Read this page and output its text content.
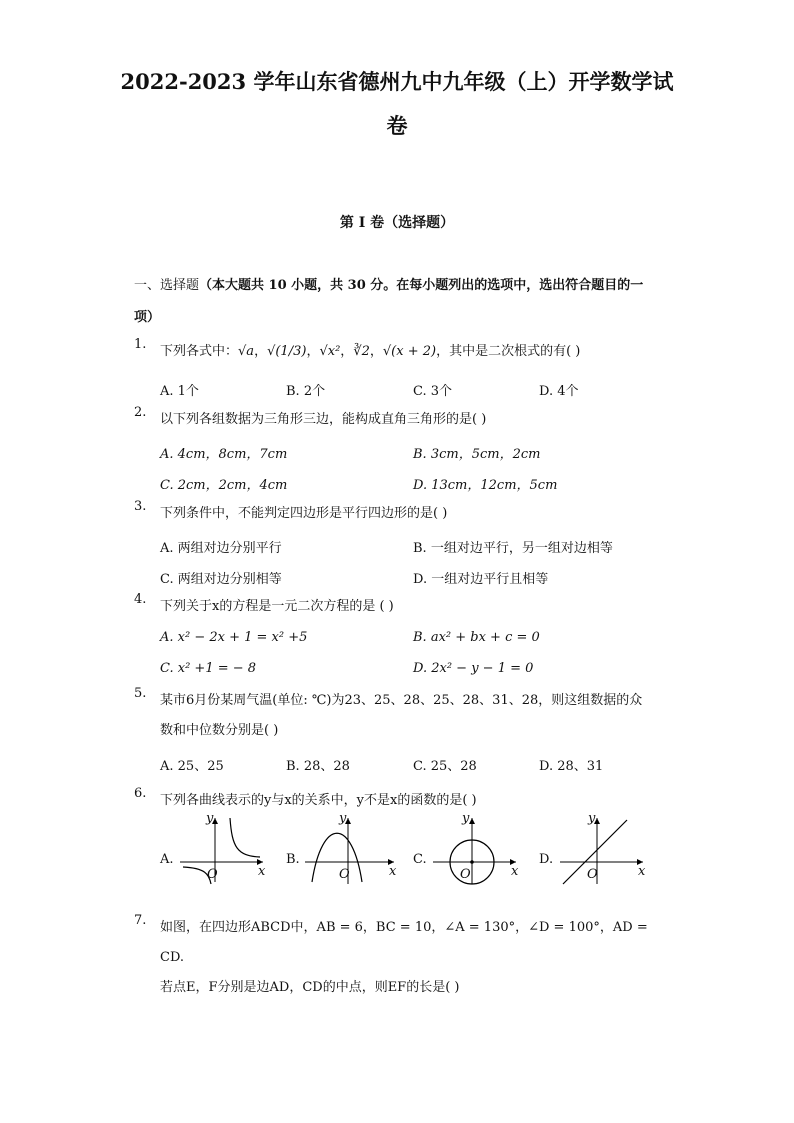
2022-2023 学年山东省德州九中九年级（上）开学数学试
卷
第 I 卷（选择题）
一、选择题（本大题共 10 小题，共 30 分。在每小题列出的选项中，选出符合题目的一
项）
1.	下列各式中：√a，√(1/3)，√x²，∛2，√(x + 2)，其中是二次根式的有( )
A. 1个	B. 2个	C. 3个	D. 4个
2.	以下列各组数据为三角形三边，能构成直角三角形的是( )
A. 4cm，8cm，7cm	B. 3cm，5cm，2cm
C. 2cm，2cm，4cm	D. 13cm，12cm，5cm
3.	下列条件中，不能判定四边形是平行四边形的是( )
A. 两组对边分别平行	B. 一组对边平行，另一组对边相等
C. 两组对边分别相等	D. 一组对边平行且相等
4.	下列关于x的方程是一元二次方程的是 ( )
A. x² − 2x + 1 = x² +5	B. ax² + bx + c = 0
C. x² +1 = − 8	D. 2x² − y − 1 = 0
5.	某市6月份某周气温(单位: ℃)为23、25、28、25、28、31、28，则这组数据的众
数和中位数分别是( )
A. 25、25	B. 28、28	C. 25、28	D. 28、31
6.	下列各曲线表示的y与x的关系中，y不是x的函数的是( )
A.
y
x
O
B.
y
x
O
C.
y
x
O
D.
y
x
O
7.	如图，在四边形ABCD中，AB = 6，BC = 10，∠A = 130°，∠D = 100°，AD = CD.
若点E，F分别是边AD，CD的中点，则EF的长是( )
